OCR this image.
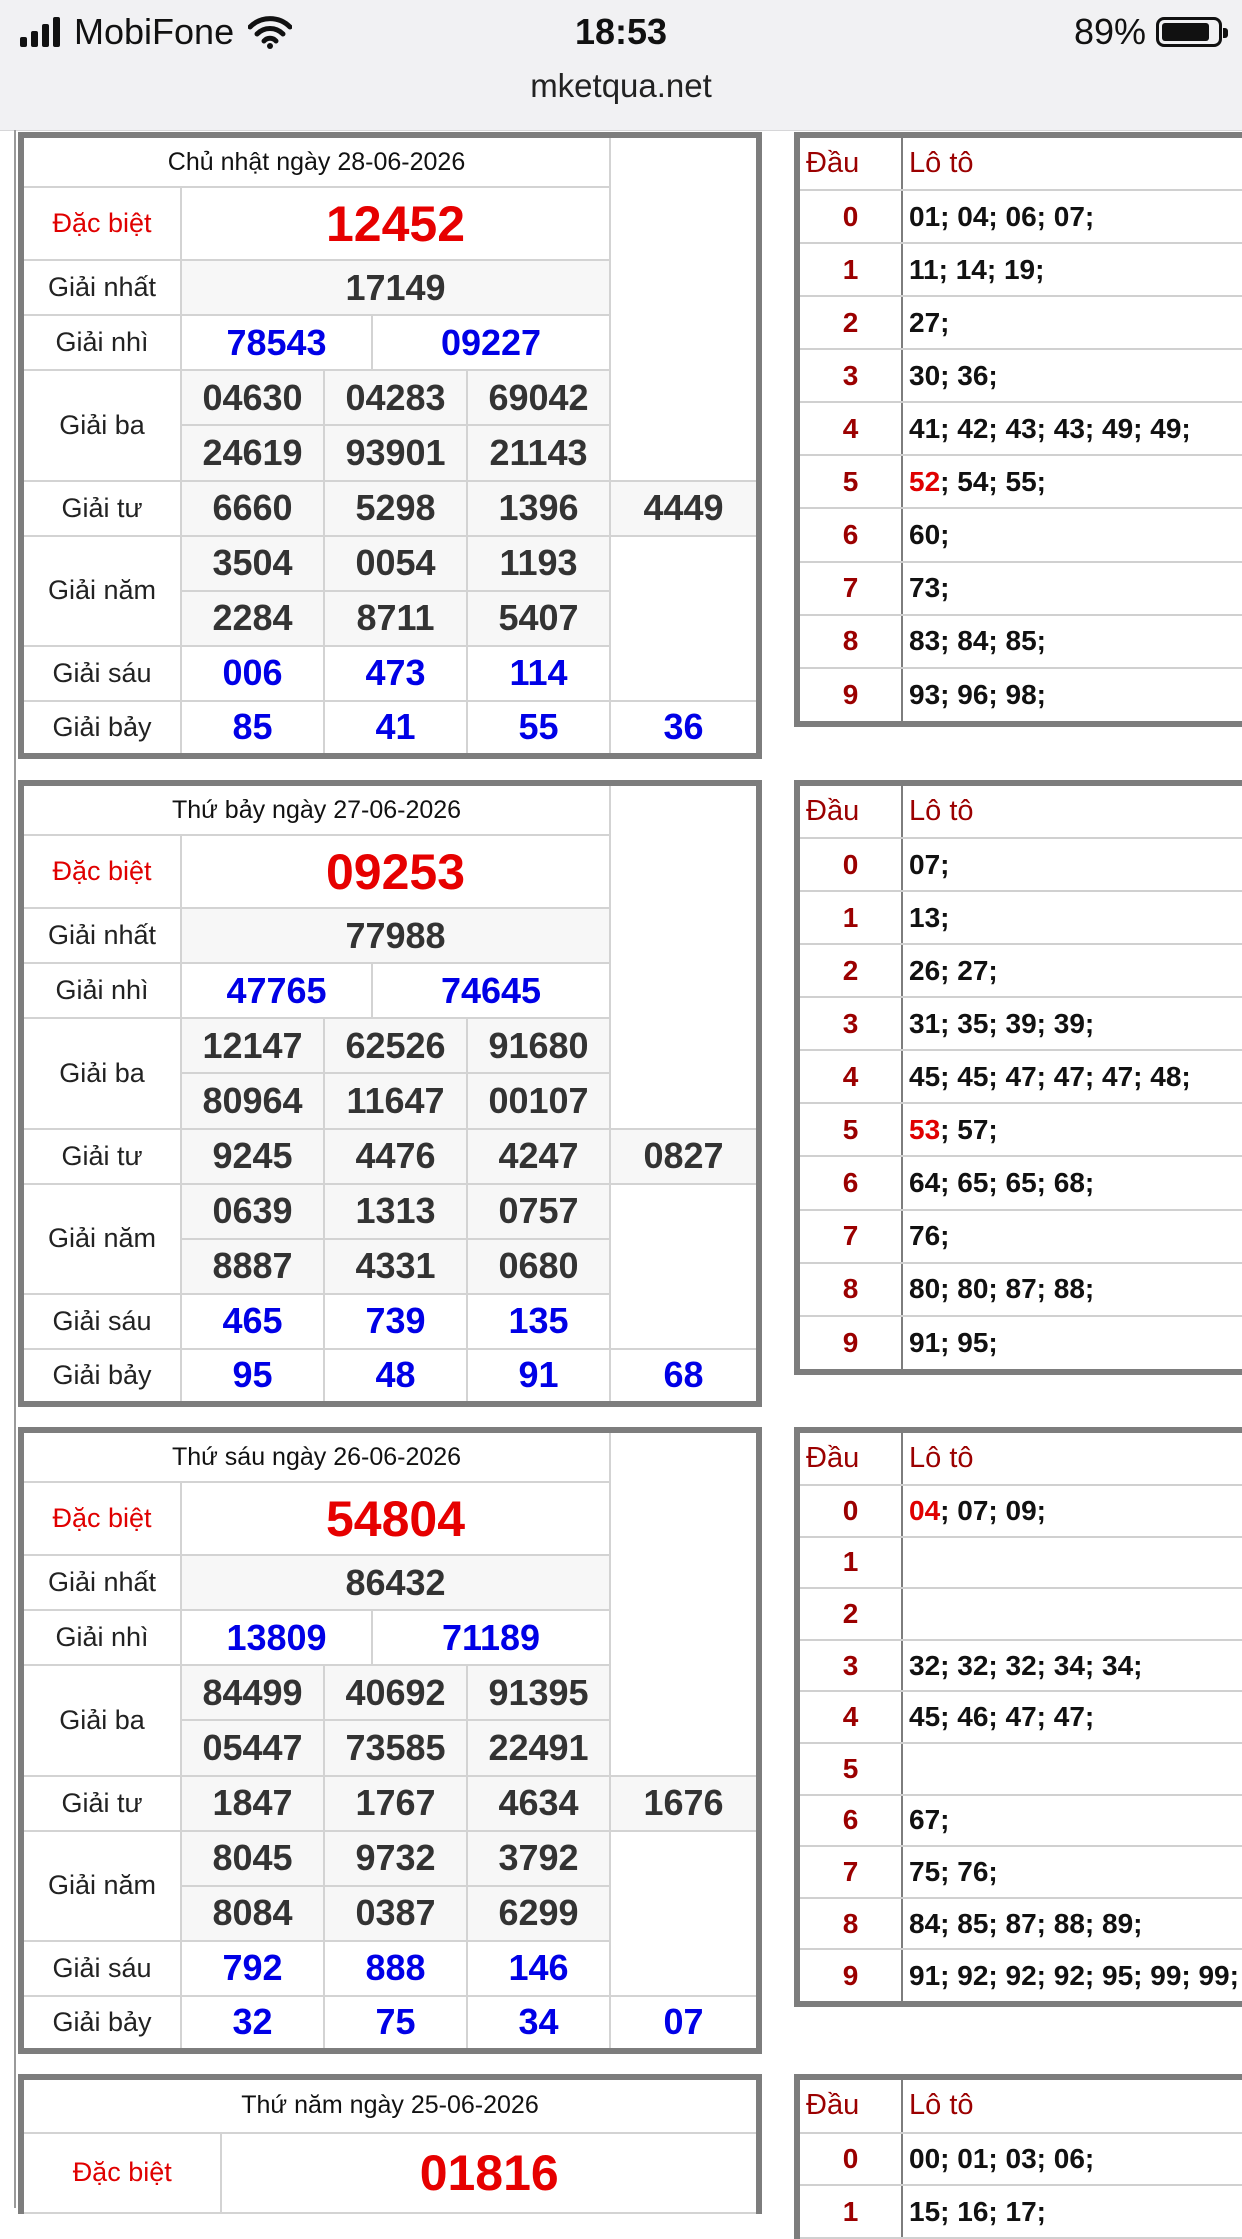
MobiFone	18:53	89%
mketqua.net
Chủ nhật ngày 28-06-2026					
Đặc biệt	12452				
Giải nhất	17149				
Giải nhì	78543		09227		
Giải ba	04630	04283		69042	
	24619	93901		21143	
Giải tư	6660	5298		1396	4449
Giải năm	3504	0054		1193	
	2284	8711		5407	
Giải sáu	006	473		114	
Giải bảy	85	41		55	36
Đầu	Lô tô
0	01; 04; 06; 07;
1	11; 14; 19;
2	27;
3	30; 36;
4	41; 42; 43; 43; 49; 49;
5	52; 54; 55;
6	60;
7	73;
8	83; 84; 85;
9	93; 96; 98;
Thứ bảy ngày 27-06-2026					
Đặc biệt	09253				
Giải nhất	77988				
Giải nhì	47765		74645		
Giải ba	12147	62526		91680	
	80964	11647		00107	
Giải tư	9245	4476		4247	0827
Giải năm	0639	1313		0757	
	8887	4331		0680	
Giải sáu	465	739		135	
Giải bảy	95	48		91	68
Đầu	Lô tô
0	07;
1	13;
2	26; 27;
3	31; 35; 39; 39;
4	45; 45; 47; 47; 47; 48;
5	53; 57;
6	64; 65; 65; 68;
7	76;
8	80; 80; 87; 88;
9	91; 95;
Thứ sáu ngày 26-06-2026					
Đặc biệt	54804				
Giải nhất	86432				
Giải nhì	13809		71189		
Giải ba	84499	40692		91395	
	05447	73585		22491	
Giải tư	1847	1767		4634	1676
Giải năm	8045	9732		3792	
	8084	0387		6299	
Giải sáu	792	888		146	
Giải bảy	32	75		34	07
Đầu	Lô tô
0	04; 07; 09;
1	
2	
3	32; 32; 32; 34; 34;
4	45; 46; 47; 47;
5	
6	67;
7	75; 76;
8	84; 85; 87; 88; 89;
9	91; 92; 92; 92; 95; 99; 99;
Thứ năm ngày 25-06-2026
Đặc biệt	01816
Đầu	Lô tô
0	00; 01; 03; 06;
1	15; 16; 17;
